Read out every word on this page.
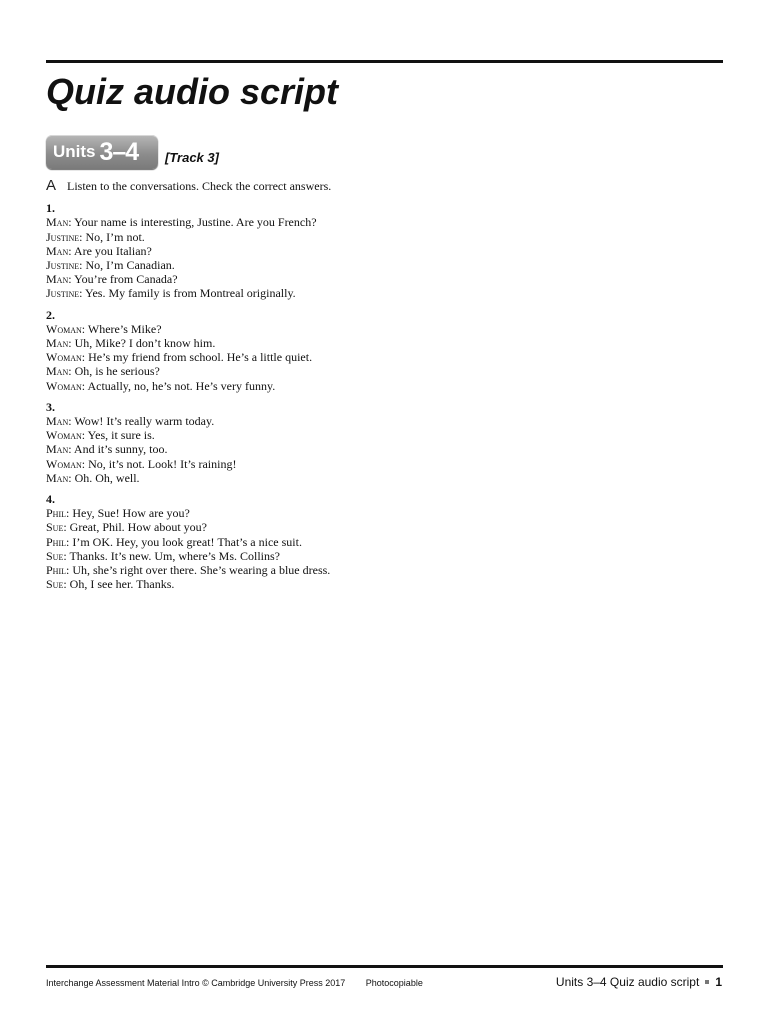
Quiz audio script
Units 3–4 [Track 3]
A Listen to the conversations. Check the correct answers.
1.
Man: Your name is interesting, Justine. Are you French?
Justine: No, I’m not.
Man: Are you Italian?
Justine: No, I’m Canadian.
Man: You’re from Canada?
Justine: Yes. My family is from Montreal originally.
2.
Woman: Where’s Mike?
Man: Uh, Mike? I don’t know him.
Woman: He’s my friend from school. He’s a little quiet.
Man: Oh, is he serious?
Woman: Actually, no, he’s not. He’s very funny.
3.
Man: Wow! It’s really warm today.
Woman: Yes, it sure is.
Man: And it’s sunny, too.
Woman: No, it’s not. Look! It’s raining!
Man: Oh. Oh, well.
4.
Phil: Hey, Sue! How are you?
Sue: Great, Phil. How about you?
Phil: I’m OK. Hey, you look great! That’s a nice suit.
Sue: Thanks. It’s new. Um, where’s Ms. Collins?
Phil: Uh, she’s right over there. She’s wearing a blue dress.
Sue: Oh, I see her. Thanks.
Interchange Assessment Material Intro © Cambridge University Press 2017 Photocopiable	Units 3–4 Quiz audio script 1
